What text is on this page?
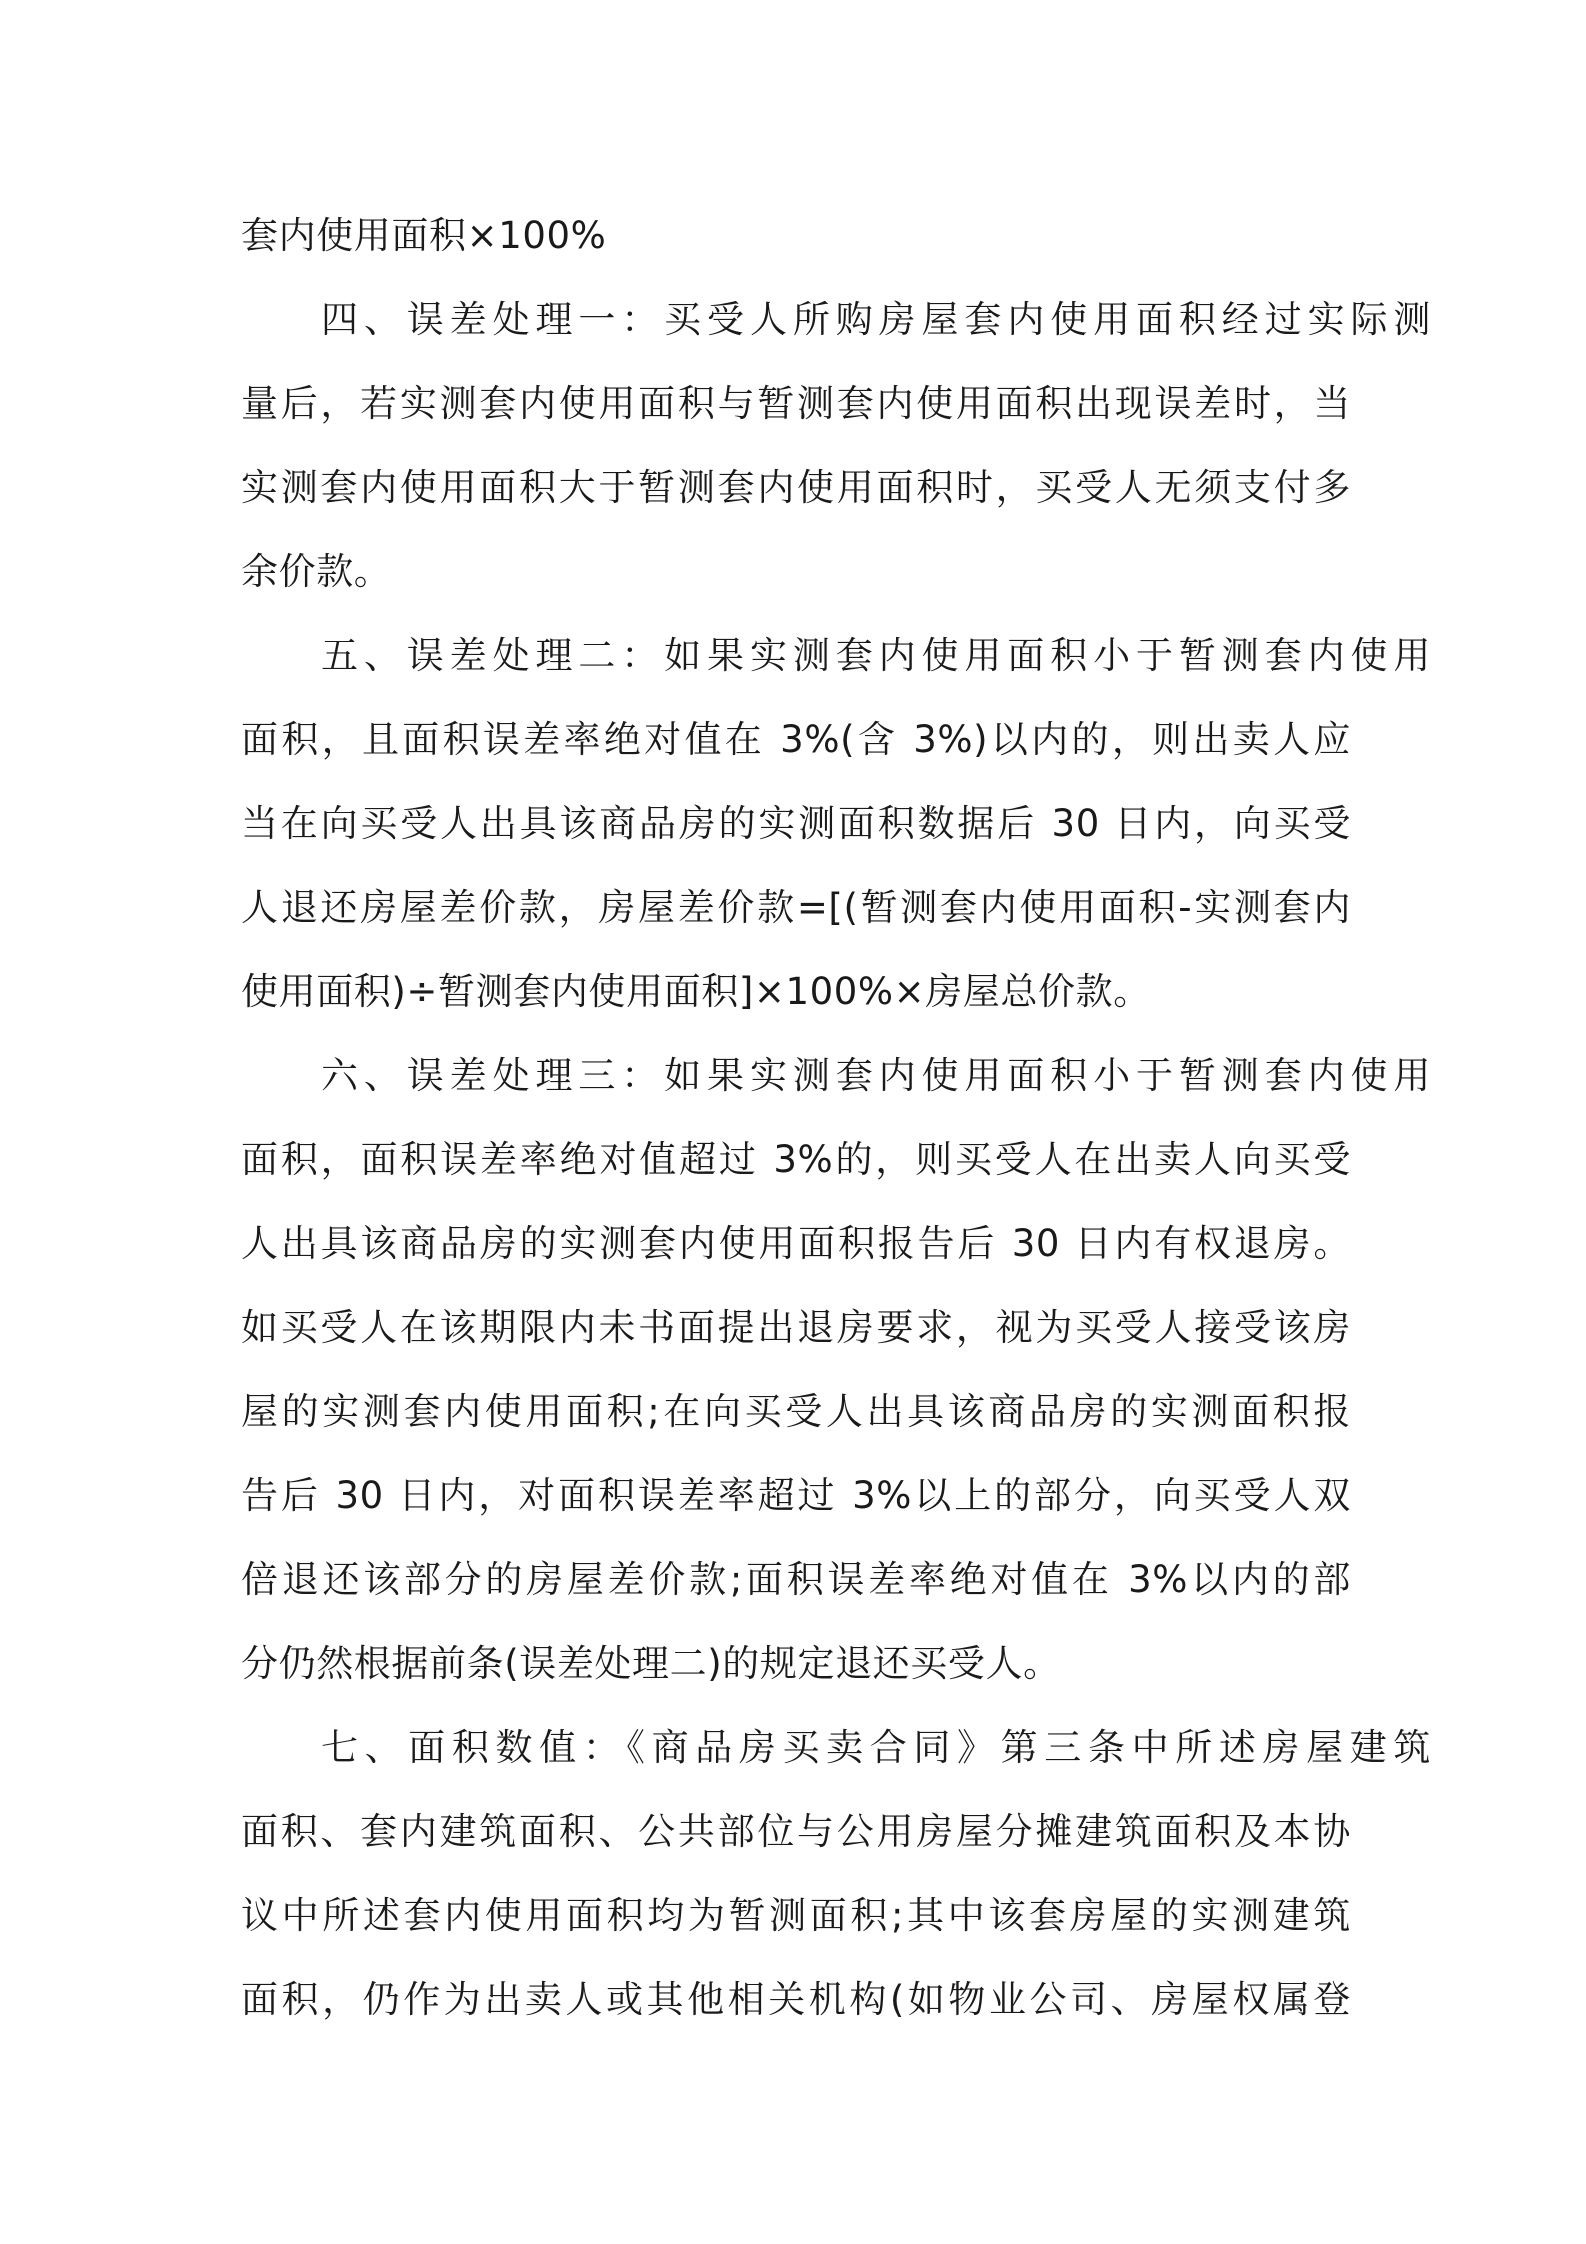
套内使用面积×100%
四、误差处理一：买受人所购房屋套内使用面积经过实际测
量后，若实测套内使用面积与暂测套内使用面积出现误差时，当
实测套内使用面积大于暂测套内使用面积时，买受人无须支付多
余价款。
五、误差处理二：如果实测套内使用面积小于暂测套内使用
面积，且面积误差率绝对值在 3%(含 3%)以内的，则出卖人应
当在向买受人出具该商品房的实测面积数据后 30 日内，向买受
人退还房屋差价款，房屋差价款=[(暂测套内使用面积-实测套内
使用面积)÷暂测套内使用面积]×100%×房屋总价款。
六、误差处理三：如果实测套内使用面积小于暂测套内使用
面积，面积误差率绝对值超过 3%的，则买受人在出卖人向买受
人出具该商品房的实测套内使用面积报告后 30 日内有权退房。
如买受人在该期限内未书面提出退房要求，视为买受人接受该房
屋的实测套内使用面积;在向买受人出具该商品房的实测面积报
告后 30 日内，对面积误差率超过 3%以上的部分，向买受人双
倍退还该部分的房屋差价款;面积误差率绝对值在 3%以内的部
分仍然根据前条(误差处理二)的规定退还买受人。
七、面积数值：《商品房买卖合同》第三条中所述房屋建筑
面积、套内建筑面积、公共部位与公用房屋分摊建筑面积及本协
议中所述套内使用面积均为暂测面积;其中该套房屋的实测建筑
面积，仍作为出卖人或其他相关机构(如物业公司、房屋权属登
